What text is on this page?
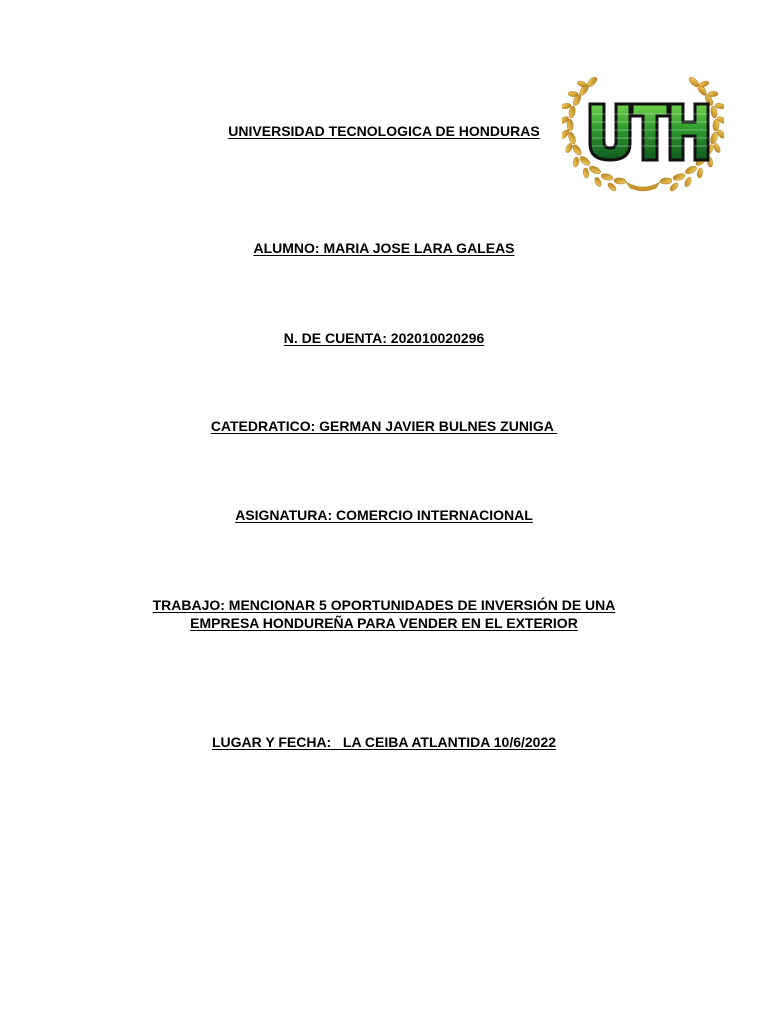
UNIVERSIDAD TECNOLOGICA DE HONDURAS
ALUMNO: MARIA JOSE LARA GALEAS
N. DE CUENTA: 202010020296
CATEDRATICO: GERMAN JAVIER BULNES ZUNIGA
ASIGNATURA: COMERCIO INTERNACIONAL
TRABAJO: MENCIONAR 5 OPORTUNIDADES DE INVERSIÓN DE UNA
EMPRESA HONDUREÑA PARA VENDER EN EL EXTERIOR
LUGAR Y FECHA:   LA CEIBA ATLANTIDA 10/6/2022
